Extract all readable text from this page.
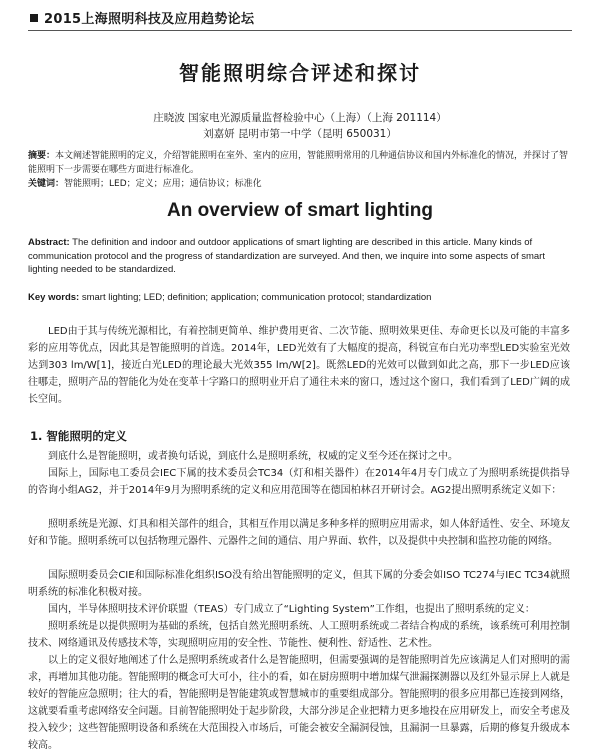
2015上海照明科技及应用趋势论坛
智能照明综合评述和探讨
庄晓波 国家电光源质量监督检验中心（上海）（上海 201114）
刘嘉妍 昆明市第一中学（昆明 650031）
摘要：本文阐述智能照明的定义，介绍智能照明在室外、室内的应用，智能照明常用的几种通信协议和国内外标准化的情况，并探讨了智能照明下一步需要在哪些方面进行标准化。
关键词：智能照明；LED；定义；应用；通信协议；标准化
An overview of smart lighting
Abstract: The definition and indoor and outdoor applications of smart lighting are described in this article. Many kinds of communication protocol and the progress of standardization are surveyed. And then, we inquire into some aspects of smart lighting needed to be standardized.
Key words: smart lighting; LED; definition; application; communication protocol; standardization
LED由于其与传统光源相比，有着控制更简单、维护费用更省、二次节能、照明效果更佳、寿命更长以及可能的丰富多彩的应用等优点，因此其是智能照明的首选。2014年，LED光效有了大幅度的提高，科锐宣布白光功率型LED实验室光效达到303 lm/W[1]，接近白光LED的理论最大光效355 lm/W[2]。既然LED的光效可以做到如此之高，那下一步LED应该往哪走，照明产品的智能化为处在变革十字路口的照明业开启了通往未来的窗口，透过这个窗口，我们看到了LED广阔的成长空间。
1. 智能照明的定义
到底什么是智能照明，或者换句话说，到底什么是照明系统，权威的定义至今还在探讨之中。
国际上，国际电工委员会IEC下属的技术委员会TC34（灯和相关器件）在2014年4月专门成立了为照明系统提供指导的咨询小组AG2，并于2014年9月为照明系统的定义和应用范围等在德国柏林召开研讨会。AG2提出照明系统定义如下：
照明系统是光源、灯具和相关部件的组合，其相互作用以满足多种多样的照明应用需求，如人体舒适性、安全、环境友好和节能。照明系统可以包括物理元器件、元器件之间的通信、用户界面、软件，以及提供中央控制和监控功能的网络。
国际照明委员会CIE和国际标准化组织ISO没有给出智能照明的定义，但其下属的分委会如ISO TC274与IEC TC34就照明系统的标准化积极对接。
国内，半导体照明技术评价联盟（TEAS）专门成立了“Lighting System”工作组，也提出了照明系统的定义：
照明系统是以提供照明为基础的系统，包括自然光照明系统、人工照明系统或二者结合构成的系统，该系统可利用控制技术、网络通讯及传感技术等，实现照明应用的安全性、节能性、便利性、舒适性、艺术性。
以上的定义很好地阐述了什么是照明系统或者什么是智能照明，但需要强调的是智能照明首先应该满足人们对照明的需求，再增加其他功能。智能照明的概念可大可小，往小的看，如在厨房照明中增加煤气泄漏探测器以及红外显示屏上人就是较好的智能应急照明；往大的看，智能照明是智能建筑或智慧城市的重要组成部分。智能照明的很多应用都已连接到网络，这就要看重考虑网络安全问题。目前智能照明处于起步阶段，大部分涉足企业把精力更多地投在应用研发上，而安全考虑及投入较少；这些智能照明设备和系统在大范围投入市场后，可能会被安全漏洞侵蚀，且漏洞一旦暴露，后期的修复升级成本较高。
